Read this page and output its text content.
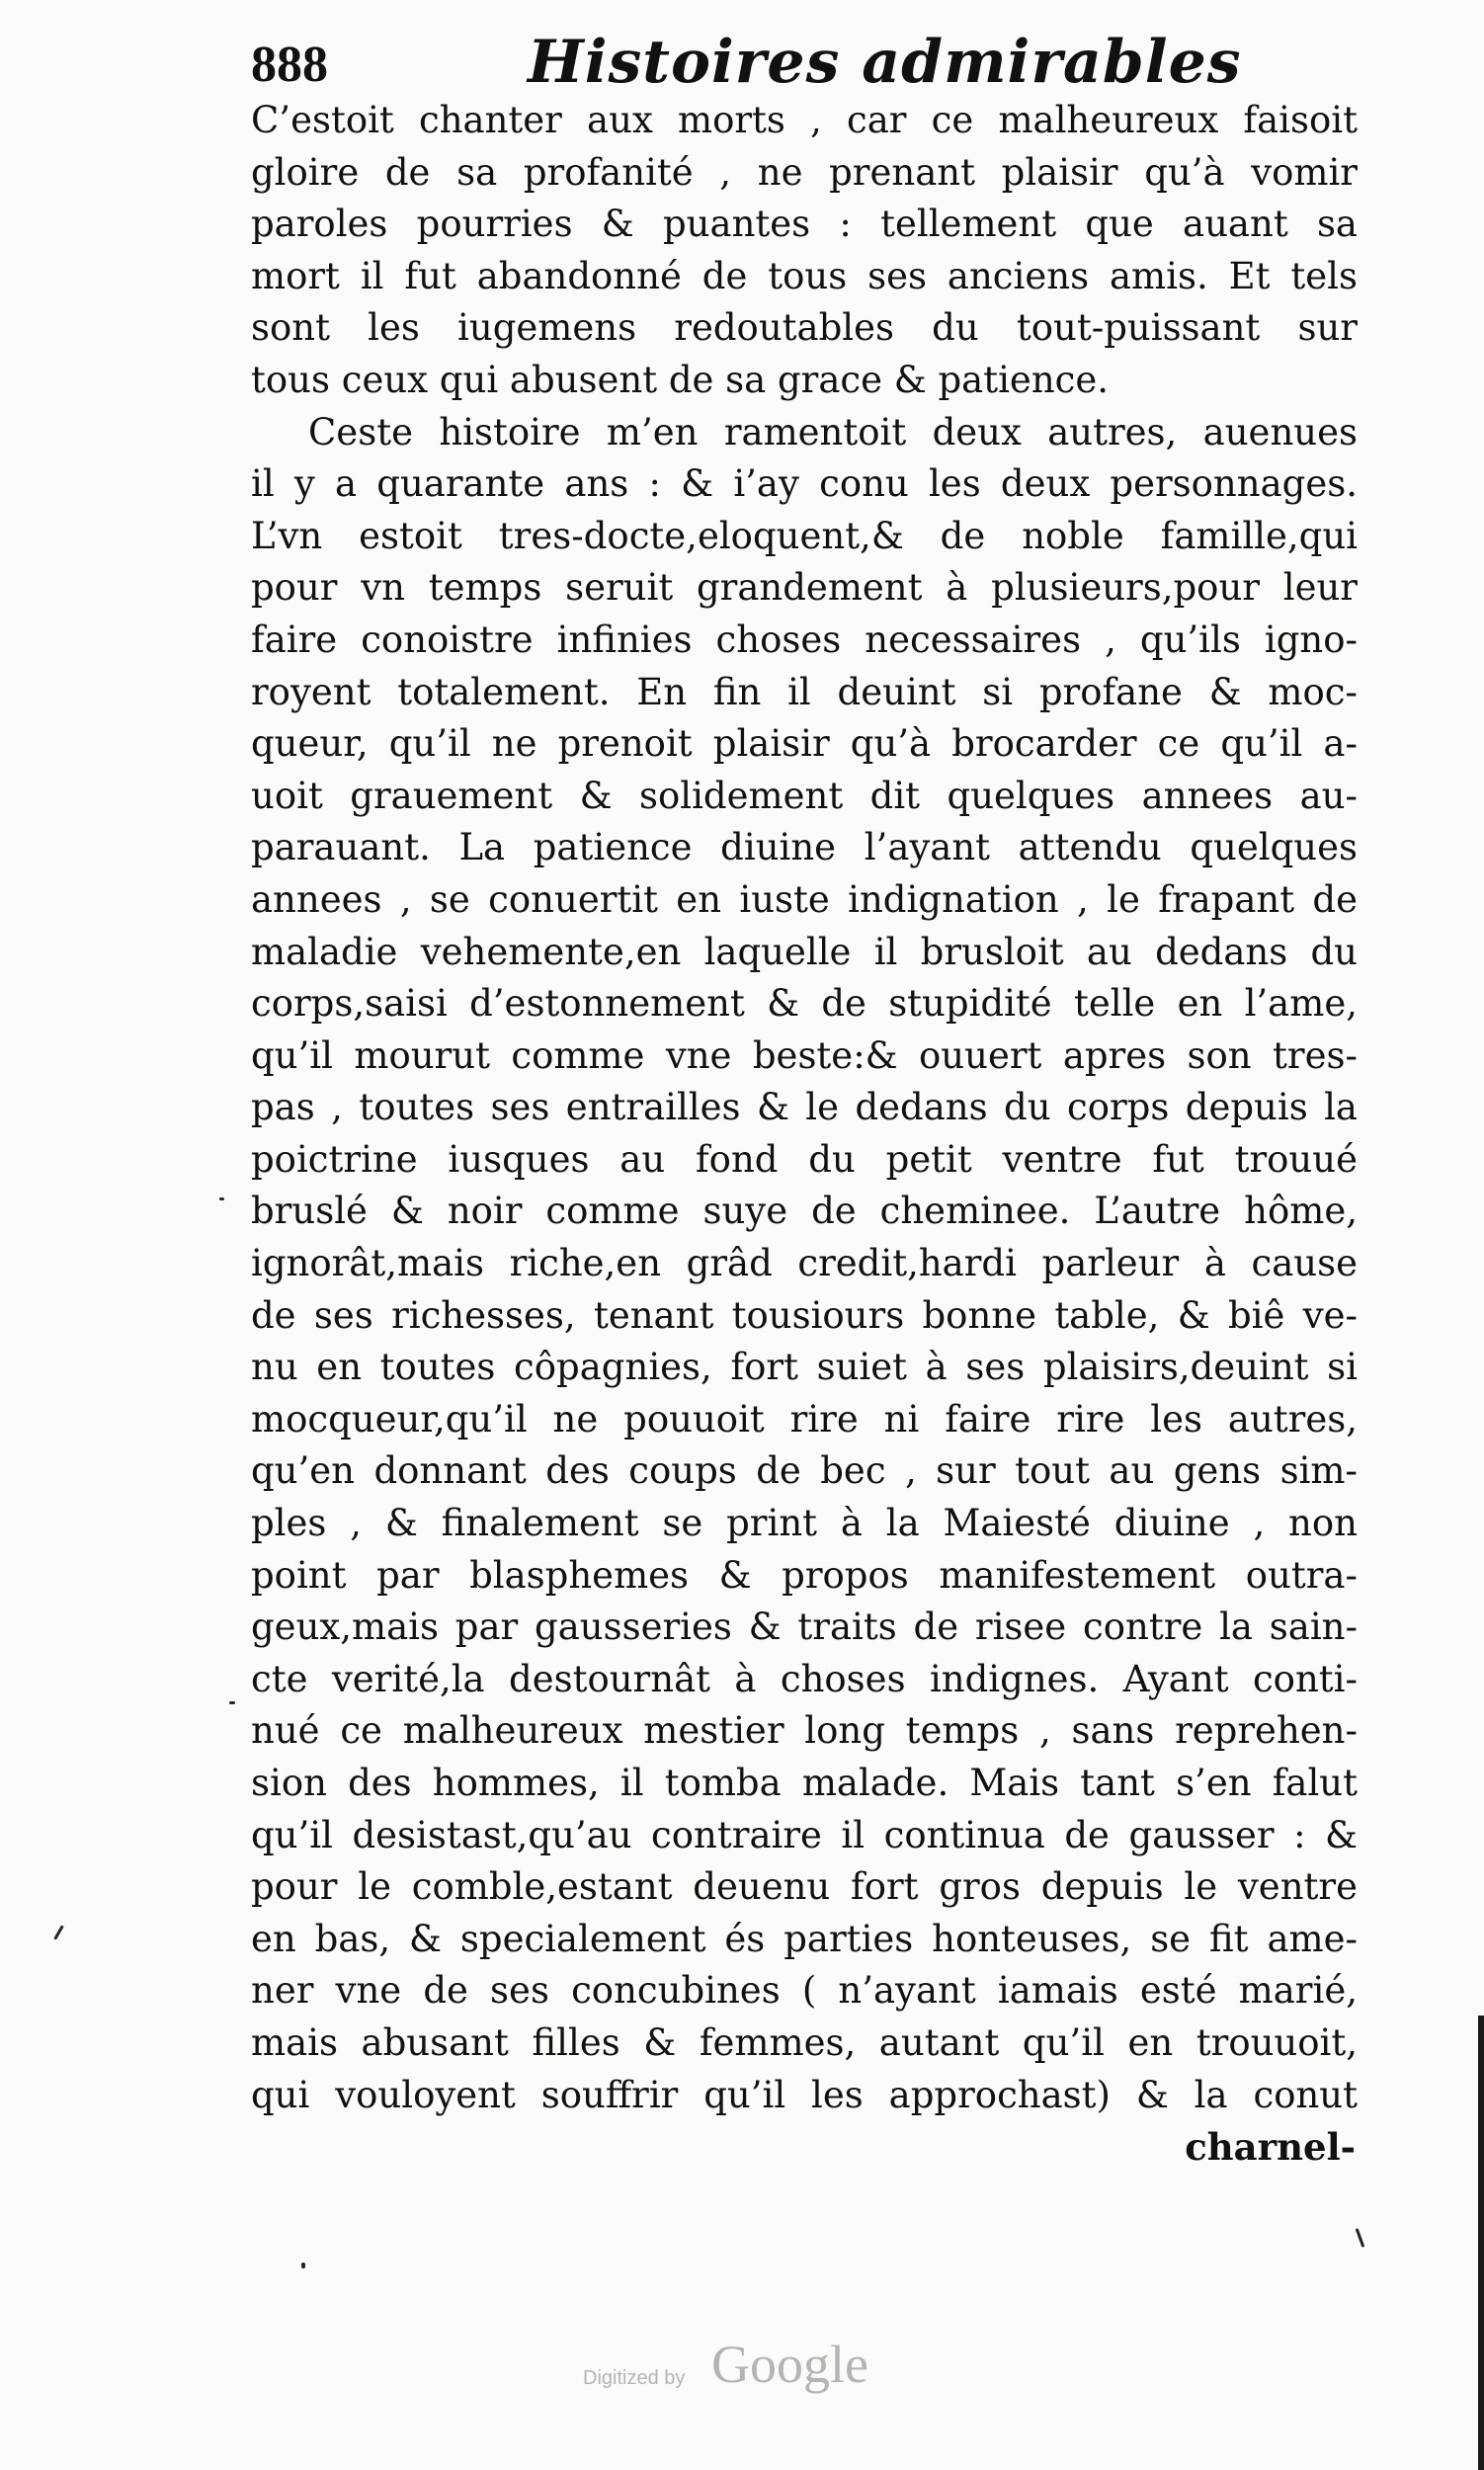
888	Histoires admirables
C’estoit chanter aux morts , car ce malheureux faisoit
gloire de sa profanité , ne prenant plaisir qu’à vomir
paroles pourries & puantes : tellement que auant sa
mort il fut abandonné de tous ses anciens amis. Et tels
sont les iugemens redoutables du tout-puissant sur
tous ceux qui abusent de sa grace & patience.
Ceste histoire m’en ramentoit deux autres, auenues
il y a quarante ans : & i’ay conu les deux personnages.
L’vn estoit tres-docte,eloquent,& de noble famille,qui
pour vn temps seruit grandement à plusieurs,pour leur
faire conoistre infinies choses necessaires , qu’ils igno-
royent totalement. En fin il deuint si profane & moc-
queur, qu’il ne prenoit plaisir qu’à brocarder ce qu’il a-
uoit grauement & solidement dit quelques annees au-
parauant. La patience diuine l’ayant attendu quelques
annees , se conuertit en iuste indignation , le frapant de
maladie vehemente,en laquelle il brusloit au dedans du
corps,saisi d’estonnement & de stupidité telle en l’ame,
qu’il mourut comme vne beste:& ouuert apres son tres-
pas , toutes ses entrailles & le dedans du corps depuis la
poictrine iusques au fond du petit ventre fut trouué
bruslé & noir comme suye de cheminee. L’autre hôme,
ignorât,mais riche,en grâd credit,hardi parleur à cause
de ses richesses, tenant tousiours bonne table, & biê ve-
nu en toutes côpagnies, fort suiet à ses plaisirs,deuint si
mocqueur,qu’il ne pouuoit rire ni faire rire les autres,
qu’en donnant des coups de bec , sur tout au gens sim-
ples , & finalement se print à la Maiesté diuine , non
point par blasphemes & propos manifestement outra-
geux,mais par gausseries & traits de risee contre la sain-
cte verité,la destournât à choses indignes. Ayant conti-
nué ce malheureux mestier long temps , sans reprehen-
sion des hommes, il tomba malade. Mais tant s’en falut
qu’il desistast,qu’au contraire il continua de gausser : &
pour le comble,estant deuenu fort gros depuis le ventre
en bas, & specialement és parties honteuses, se fit ame-
ner vne de ses concubines ( n’ayant iamais esté marié,
mais abusant filles & femmes, autant qu’il en trouuoit,
qui vouloyent souffrir qu’il les approchast) & la conut
charnel-
Digitized by Google
